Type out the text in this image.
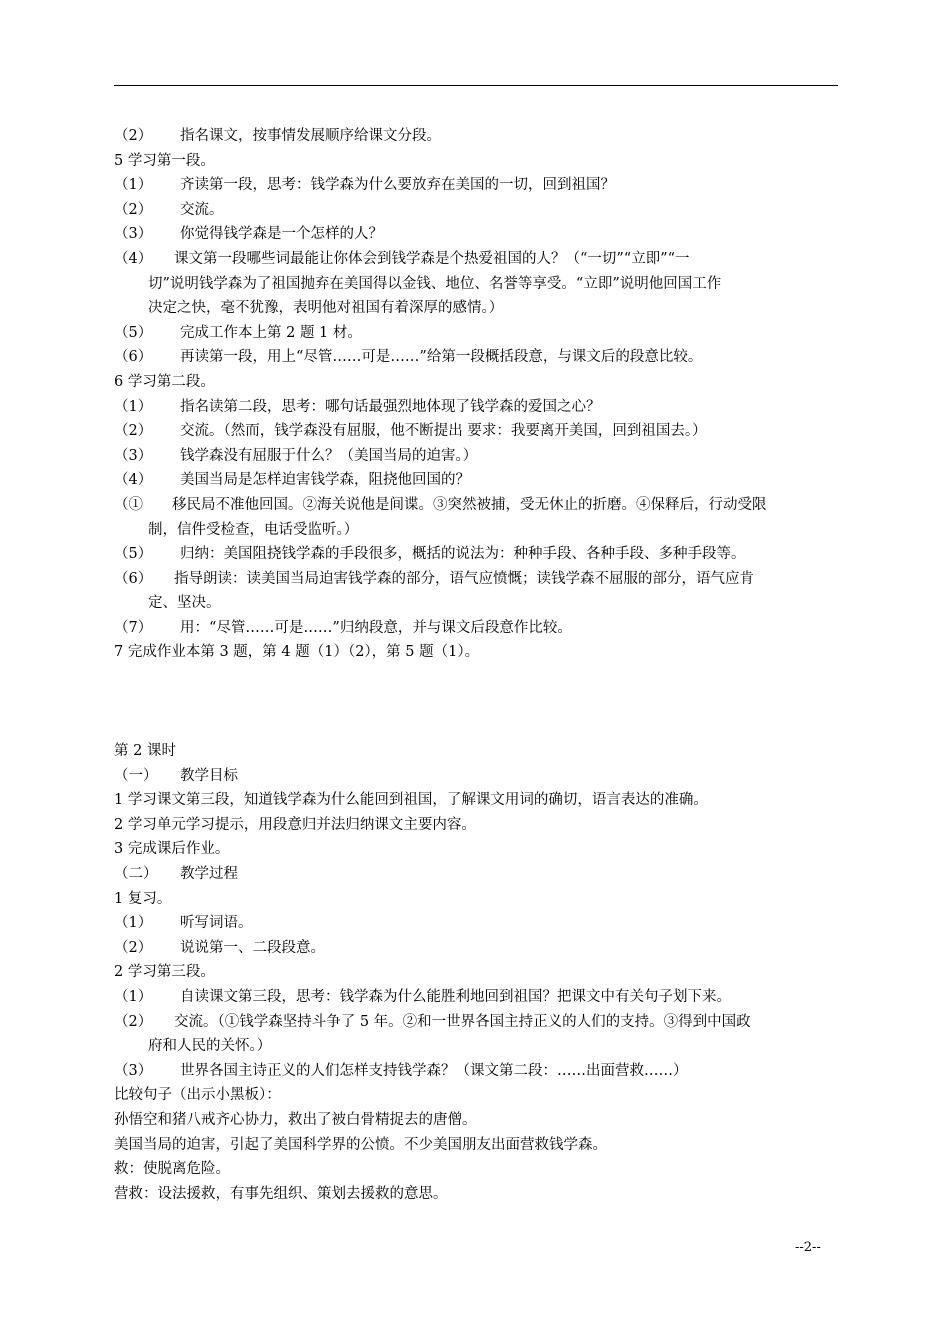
（2）	指名课文，按事情发展顺序给课文分段。
5 学习第一段。
（1）	齐读第一段，思考：钱学森为什么要放弃在美国的一切，回到祖国？
（2）	交流。
（3）	你觉得钱学森是一个怎样的人？
（4）　　课文第一段哪些词最能让你体会到钱学森是个热爱祖国的人？（“一切”“立即”“一
切”说明钱学森为了祖国抛弃在美国得以金钱、地位、名誉等享受。“立即”说明他回国工作
决定之快，毫不犹豫，表明他对祖国有着深厚的感情。）
（5）	完成工作本上第 2 题 1 材。
（6）	再读第一段，用上“尽管……可是……”给第一段概括段意，与课文后的段意比较。
6 学习第二段。
（1）	指名读第二段，思考：哪句话最强烈地体现了钱学森的爱国之心？
（2）	交流。（然而，钱学森没有屈服，他不断提出 要求：我要离开美国，回到祖国去。）
（3）	钱学森没有屈服于什么？（美国当局的迫害。）
（4）	美国当局是怎样迫害钱学森，阻挠他回国的？
（①　　移民局不准他回国。②海关说他是间谍。③突然被捕，受无休止的折磨。④保释后，行动受限
制，信件受检查，电话受监听。）
（5）	归纳：美国阻挠钱学森的手段很多，概括的说法为：种种手段、各种手段、多种手段等。
（6）　　指导朗读：读美国当局迫害钱学森的部分，语气应愤慨；读钱学森不屈服的部分，语气应肯
定、坚决。
（7）	用：“尽管……可是……”归纳段意，并与课文后段意作比较。
7 完成作业本第 3 题，第 4 题（1）（2），第 5 题（1）。
第 2 课时
（一）	教学目标
1 学习课文第三段，知道钱学森为什么能回到祖国，了解课文用词的确切，语言表达的准确。
2 学习单元学习提示，用段意归并法归纳课文主要内容。
3 完成课后作业。
（二）	教学过程
1 复习。
（1）	听写词语。
（2）	说说第一、二段段意。
2 学习第三段。
（1）	自读课文第三段，思考：钱学森为什么能胜利地回到祖国？把课文中有关句子划下来。
（2）　　交流。（①钱学森坚持斗争了 5 年。②和一世界各国主持正义的人们的支持。③得到中国政
府和人民的关怀。）
（3）	世界各国主诗正义的人们怎样支持钱学森？（课文第二段：……出面营救……）
比较句子（出示小黑板）：
孙悟空和猪八戒齐心协力，救出了被白骨精捉去的唐僧。
美国当局的迫害，引起了美国科学界的公愤。不少美国朋友出面营救钱学森。
救：使脱离危险。
营救：设法援救，有事先组织、策划去援救的意思。
--2--
